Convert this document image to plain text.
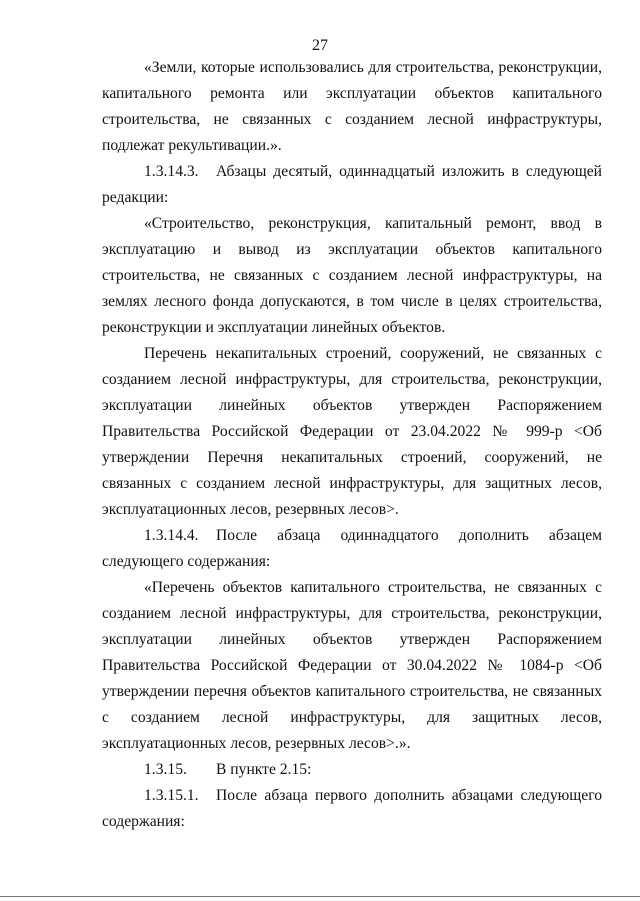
27

«Земли, которые использовались для строительства, реконструкции, капитального ремонта или эксплуатации объектов капитального строительства, не связанных с созданием лесной инфраструктуры, подлежат рекультивации.».

1.3.14.3. Абзацы десятый, одиннадцатый изложить в следующей редакции:

«Строительство, реконструкция, капитальный ремонт, ввод в эксплуатацию и вывод из эксплуатации объектов капитального строительства, не связанных с созданием лесной инфраструктуры, на землях лесного фонда допускаются, в том числе в целях строительства, реконструкции и эксплуатации линейных объектов.

Перечень некапитальных строений, сооружений, не связанных с созданием лесной инфраструктуры, для строительства, реконструкции, эксплуатации линейных объектов утвержден Распоряжением Правительства Российской Федерации от 23.04.2022 № 999-р <Об утверждении Перечня некапитальных строений, сооружений, не связанных с созданием лесной инфраструктуры, для защитных лесов, эксплуатационных лесов, резервных лесов>.

1.3.14.4. После абзаца одиннадцатого дополнить абзацем следующего содержания:

«Перечень объектов капитального строительства, не связанных с созданием лесной инфраструктуры, для строительства, реконструкции, эксплуатации линейных объектов утвержден Распоряжением Правительства Российской Федерации от 30.04.2022 № 1084-р <Об утверждении перечня объектов капитального строительства, не связанных с созданием лесной инфраструктуры, для защитных лесов, эксплуатационных лесов, резервных лесов>.».

1.3.15. В пункте 2.15:

1.3.15.1. После абзаца первого дополнить абзацами следующего содержания:
